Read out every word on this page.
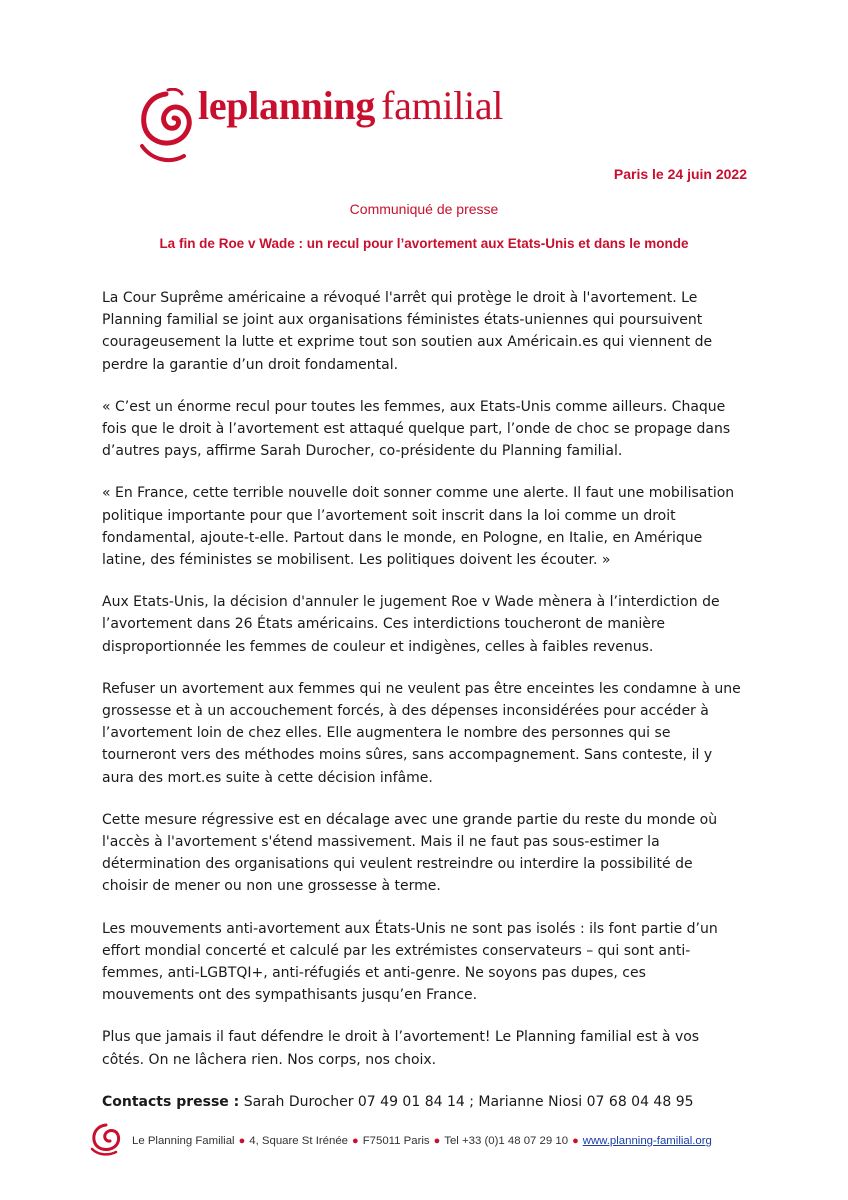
leplanning familial
Paris le 24 juin 2022
Communiqué de presse
La fin de Roe v Wade : un recul pour l’avortement aux Etats-Unis et dans le monde

La Cour Suprême américaine a révoqué l'arrêt qui protège le droit à l'avortement. Le Planning familial se joint aux organisations féministes états-uniennes qui poursuivent courageusement la lutte et exprime tout son soutien aux Américain.es qui viennent de perdre la garantie d’un droit fondamental.

« C’est un énorme recul pour toutes les femmes, aux Etats-Unis comme ailleurs. Chaque fois que le droit à l’avortement est attaqué quelque part, l’onde de choc se propage dans d’autres pays, affirme Sarah Durocher, co-présidente du Planning familial.

« En France, cette terrible nouvelle doit sonner comme une alerte. Il faut une mobilisation politique importante pour que l’avortement soit inscrit dans la loi comme un droit fondamental, ajoute-t-elle. Partout dans le monde, en Pologne, en Italie, en Amérique latine, des féministes se mobilisent. Les politiques doivent les écouter. »

Aux Etats-Unis, la décision d'annuler le jugement Roe v Wade mènera à l’interdiction de l’avortement dans 26 États américains. Ces interdictions toucheront de manière disproportionnée les femmes de couleur et indigènes, celles à faibles revenus.

Refuser un avortement aux femmes qui ne veulent pas être enceintes les condamne à une grossesse et à un accouchement forcés, à des dépenses inconsidérées pour accéder à l’avortement loin de chez elles. Elle augmentera le nombre des personnes qui se tourneront vers des méthodes moins sûres, sans accompagnement. Sans conteste, il y aura des mort.es suite à cette décision infâme.

Cette mesure régressive est en décalage avec une grande partie du reste du monde où l'accès à l'avortement s'étend massivement. Mais il ne faut pas sous-estimer la détermination des organisations qui veulent restreindre ou interdire la possibilité de choisir de mener ou non une grossesse à terme.

Les mouvements anti-avortement aux États-Unis ne sont pas isolés : ils font partie d’un effort mondial concerté et calculé par les extrémistes conservateurs – qui sont anti-femmes, anti-LGBTQI+, anti-réfugiés et anti-genre. Ne soyons pas dupes, ces mouvements ont des sympathisants jusqu’en France.

Plus que jamais il faut défendre le droit à l’avortement! Le Planning familial est à vos côtés. On ne lâchera rien. Nos corps, nos choix.

Contacts presse : Sarah Durocher 07 49 01 84 14 ; Marianne Niosi 07 68 04 48 95

Le Planning Familial ● 4, Square St Irénée ● F75011 Paris ● Tel +33 (0)1 48 07 29 10 ● www.planning-familial.org
